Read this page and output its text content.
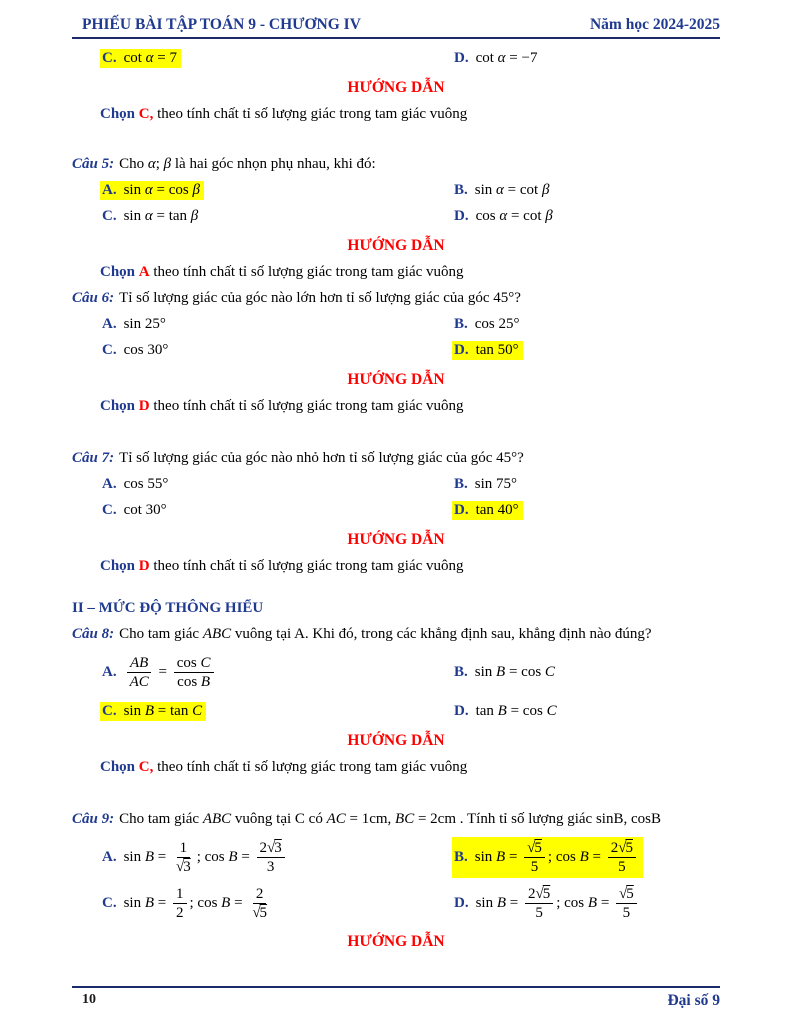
PHIẾU BÀI TẬP TOÁN 9 - CHƯƠNG IV	Năm học 2024-2025
C. cot α = 7	D. cot α = −7
HƯỚNG DẪN
Chọn C, theo tính chất tỉ số lượng giác trong tam giác vuông
Câu 5: Cho α; β là hai góc nhọn phụ nhau, khi đó:
A. sin α = cos β	B. sin α = cot β
C. sin α = tan β	D. cos α = cot β
HƯỚNG DẪN
Chọn A theo tính chất tỉ số lượng giác trong tam giác vuông
Câu 6: Tỉ số lượng giác của góc nào lớn hơn tỉ số lượng giác của góc 45°?
A. sin 25°	B. cos 25°
C. cos 30°	D. tan 50°
HƯỚNG DẪN
Chọn D theo tính chất tỉ số lượng giác trong tam giác vuông
Câu 7: Tỉ số lượng giác của góc nào nhỏ hơn tỉ số lượng giác của góc 45°?
A. cos 55°	B. sin 75°
C. cot 30°	D. tan 40°
HƯỚNG DẪN
Chọn D theo tính chất tỉ số lượng giác trong tam giác vuông
II – MỨC ĐỘ THÔNG HIỂU
Câu 8: Cho tam giác ABC vuông tại A. Khi đó, trong các khẳng định sau, khẳng định nào đúng?
A. $\frac{AB}{AC} = \frac{\text{cos C}}{\text{cos B}}$	B. sin B = cos C
C. sin B = tan C	D. tan B = cos C
HƯỚNG DẪN
Chọn C, theo tính chất tỉ số lượng giác trong tam giác vuông
Câu 9: Cho tam giác ABC vuông tại C có AC = 1cm, BC = 2cm . Tính tỉ số lượng giác sinB, cosB
A. $\sin B = \frac{1}{√3}$ ; $\cos B = \frac{2√3}{3}$	B. $\sin B = \frac{√5}{5}$ ; $\cos B = \frac{2√5}{5}$
C. $\sin B = \frac{1}{2}$ ; $\cos B = \frac{2}{√5}$	D. $\sin B = \frac{2√5}{5}$ ; $\cos B = \frac{√5}{5}$
HƯỚNG DẪN
10	Đại số 9
